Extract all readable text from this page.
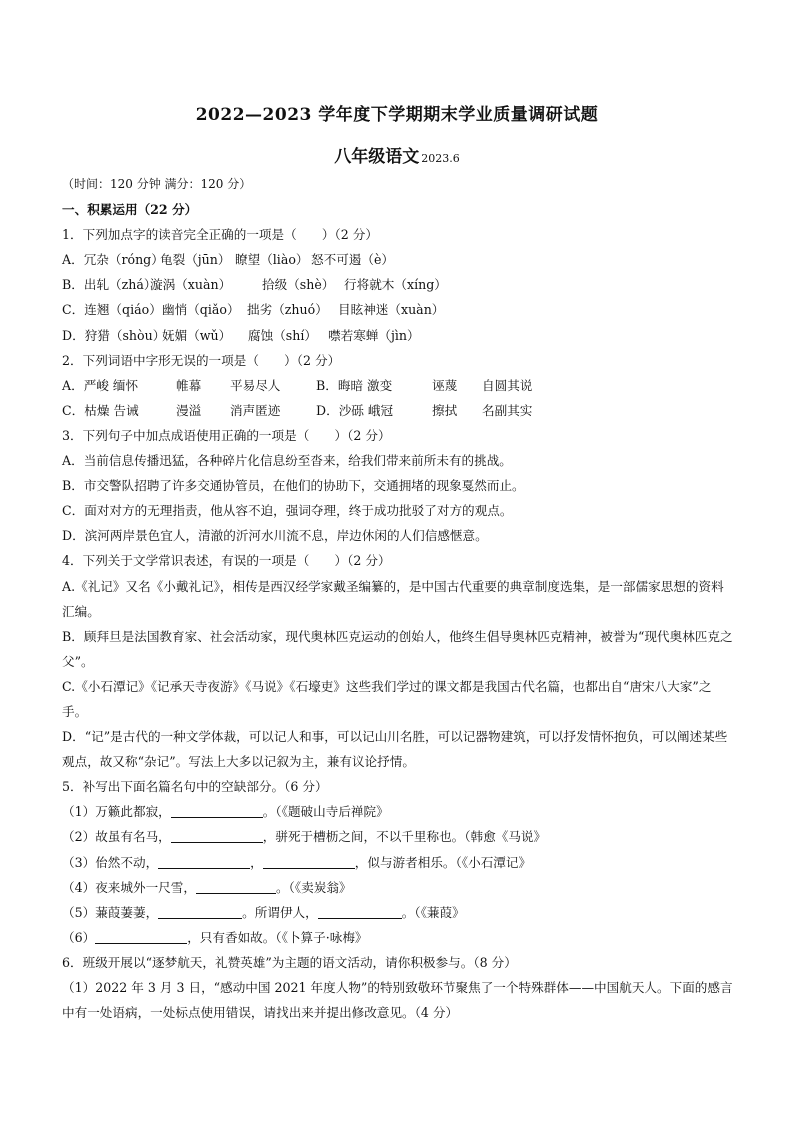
2022—2023 学年度下学期期末学业质量调研试题
八年级语文 2023.6
（时间：120 分钟 满分：120 分）
一、积累运用（22 分）
1．下列加点字的读音完全正确的一项是（　　）（2 分）
A．冗杂（róng）龟裂（jūn） 瞭望（liào） 怒不可遏（è）
B．出轧（zhá）漩涡（xuàn） 拾级（shè） 行将就木（xíng）
C．连翘（qiáo）幽悄（qiǎo） 拙劣（zhuó） 目眩神迷（xuàn）
D．狩猎（shòu）妩媚（wǔ） 腐蚀（shí） 噤若寒蝉（jìn）
2．下列词语中字形无误的一项是（　　）（2 分）
A．严峻 缅怀	帷幕 平易尽人	B．晦暗 激变	诬蔑 自圆其说
C．枯燥 告诫	漫溢 消声匿迹	D．沙砾 峨冠	擦拭 名副其实
3．下列句子中加点成语使用正确的一项是（　　）（2 分）
A．当前信息传播迅猛，各种碎片化信息纷至沓来，给我们带来前所未有的挑战。
B．市交警队招聘了许多交通协管员，在他们的协助下，交通拥堵的现象戛然而止。
C．面对对方的无理指责，他从容不迫，强词夺理，终于成功批驳了对方的观点。
D．滨河两岸景色宜人，清澈的沂河水川流不息，岸边休闲的人们信感惬意。
4．下列关于文学常识表述，有误的一项是（　　）（2 分）
A.《礼记》又名《小戴礼记》，相传是西汉经学家戴圣编纂的，是中国古代重要的典章制度选集，是一部儒家思想的资料汇编。
B．顾拜旦是法国教育家、社会活动家，现代奥林匹克运动的创始人，他终生倡导奥林匹克精神，被誉为“现代奥林匹克之父”。
C.《小石潭记》《记承天寺夜游》《马说》《石壕吏》这些我们学过的课文都是我国古代名篇，也都出自“唐宋八大家”之手。
D．“记”是古代的一种文学体裁，可以记人和事，可以记山川名胜，可以记器物建筑，可以抒发情怀抱负，可以阐述某些观点，故又称“杂记”。写法上大多以记叙为主，兼有议论抒情。
5．补写出下面名篇名句中的空缺部分。（6 分）
（1）万籁此都寂，	。（《题破山寺后禅院》
（2）故虽有名马，	，骈死于槽枥之间，不以千里称也。（韩愈《马说》
（3）佁然不动，	，	，似与游者相乐。（《小石潭记》
（4）夜来城外一尺雪，	。（《卖炭翁》
（5）蒹葭萋萋，	。所谓伊人，	。（《蒹葭》
（6）	，只有香如故。（《卜算子·咏梅》
6．班级开展以“逐梦航天，礼赞英雄”为主题的语文活动，请你积极参与。（8 分）
（1）2022 年 3 月 3 日，“感动中国 2021 年度人物”的特别致敬环节聚焦了一个特殊群体——中国航天人。下面的感言中有一处语病，一处标点使用错误，请找出来并提出修改意见。（4 分）
